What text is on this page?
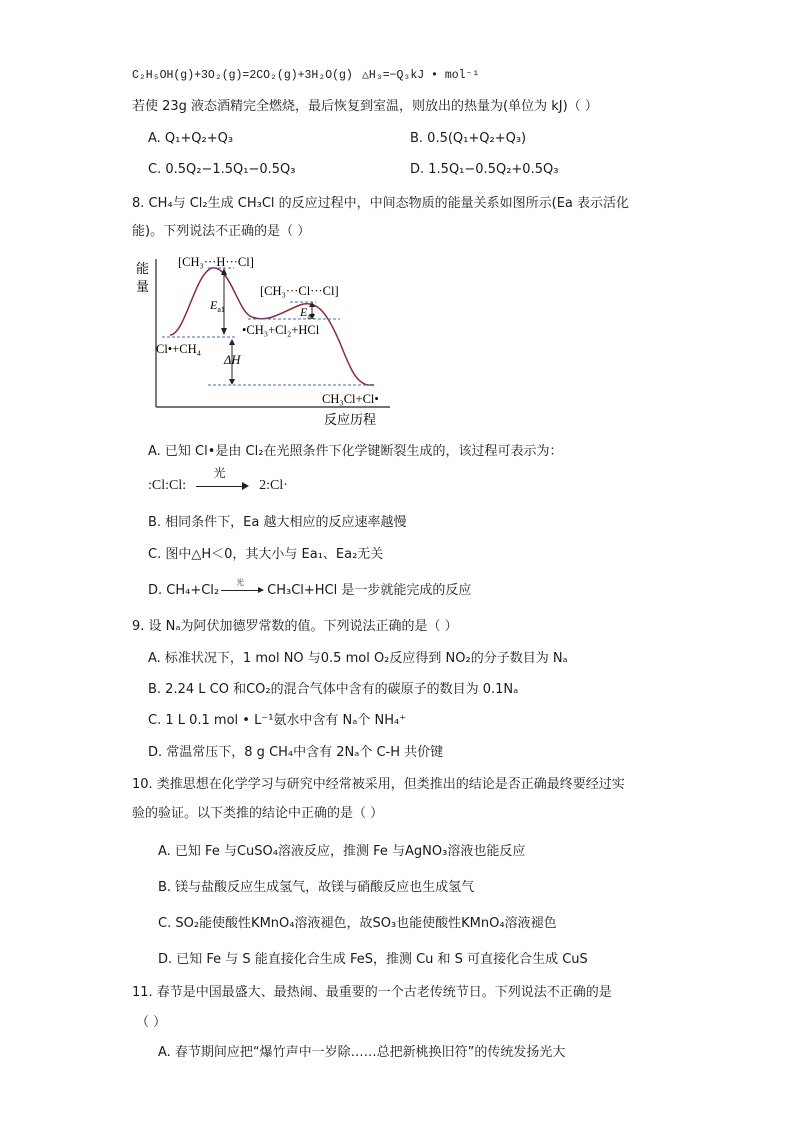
C₂H₅OH(g)+3O₂(g)=2CO₂(g)+3H₂O(g) △H₃=−Q₃kJ • mol⁻¹
若使 23g 液态酒精完全燃烧，最后恢复到室温，则放出的热量为(单位为 kJ)（ ）
A. Q₁+Q₂+Q₃	B. 0.5(Q₁+Q₂+Q₃)
C. 0.5Q₂−1.5Q₁−0.5Q₃	D. 1.5Q₁−0.5Q₂+0.5Q₃
8. CH₄与 Cl₂生成 CH₃Cl 的反应过程中，中间态物质的能量关系如图所示(Ea 表示活化
能)。下列说法不正确的是（ ）
能
量
反应历程
[CH₃···H···Cl]
[CH₃···Cl···Cl]
$E_{a1}$	$E_{a2}$
•CH₃+Cl₂+HCl
Cl•+CH₄
ΔH
CH₃Cl+Cl•
A. 已知 Cl•是由 Cl₂在光照条件下化学键断裂生成的，该过程可表示为：
:Cl:Cl:
光
2:Cl·
B. 相同条件下，Ea 越大相应的反应速率越慢
C. 图中△H＜0，其大小与 Ea₁、Ea₂无关
D. CH₄+Cl₂
光
CH₃Cl+HCl 是一步就能完成的反应
9. 设 Nₐ为阿伏加德罗常数的值。下列说法正确的是（ ）
A. 标准状况下，1 mol NO 与0.5 mol O₂反应得到 NO₂的分子数目为 Nₐ
B. 2.24 L CO 和CO₂的混合气体中含有的碳原子的数目为 0.1Nₐ
C. 1 L 0.1 mol • L⁻¹氨水中含有 Nₐ个 NH₄⁺
D. 常温常压下，8 g CH₄中含有 2Nₐ个 C-H 共价键
10. 类推思想在化学学习与研究中经常被采用，但类推出的结论是否正确最终要经过实
验的验证。以下类推的结论中正确的是（ ）
A. 已知 Fe 与CuSO₄溶液反应，推测 Fe 与AgNO₃溶液也能反应
B. 镁与盐酸反应生成氢气，故镁与硝酸反应也生成氢气
C. SO₂能使酸性KMnO₄溶液褪色，故SO₃也能使酸性KMnO₄溶液褪色
D. 已知 Fe 与 S 能直接化合生成 FeS，推测 Cu 和 S 可直接化合生成 CuS
11. 春节是中国最盛大、最热闹、最重要的一个古老传统节日。下列说法不正确的是
（ ）
A. 春节期间应把“爆竹声中一岁除……总把新桃换旧符”的传统发扬光大
